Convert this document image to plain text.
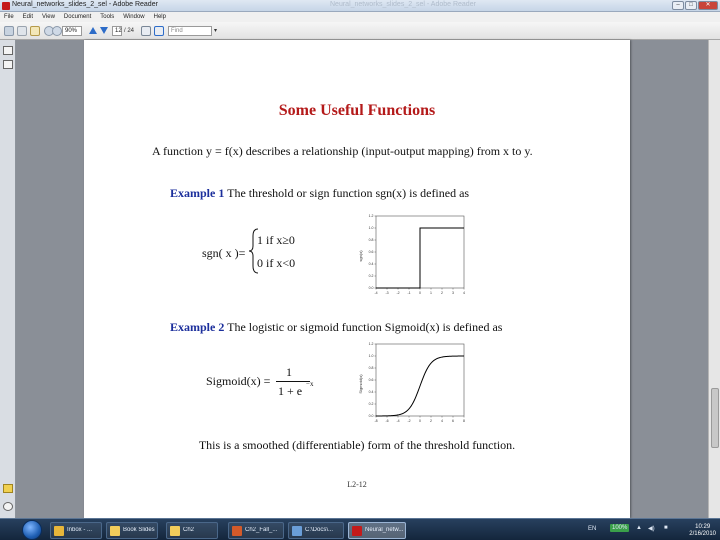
Neural_networks_slides_2_sel - Adobe Reader	Neural_networks_slides_2_sel - Adobe Reader	–	□	✕
File Edit View Document Tools Window Help
90%	12 / 24	Find	▾
Some Useful Functions
A function y = f(x) describes a relationship (input-output mapping) from x to y.
Example 1 The threshold or sign function sgn(x) is defined as
sgn( x )=
1 if x≥0
0 if x<0	sgn(x)
-4 -3 -2 -1 0	1	2	3	4
0.0
0.2
0.4
0.6
0.8
1.0
1.2
Example 2 The logistic or sigmoid function Sigmoid(x) is defined as
Sigmoid(x) =
1
1 + e −x	Sigmoid(x)
-8 -6 -4 -2 0	2	4	6	8
0.0
0.2
0.4
0.6
0.8
1.0
1.2
This is a smoothed (differentiable) form of the threshold function.
L2-12
Inbox - ...	Book Slides	Ch2	Ch2_Fall_...	C:\Docs\...	Neural_netw...	EN	100%	▲ ◀) ■	10:29
2/16/2010
